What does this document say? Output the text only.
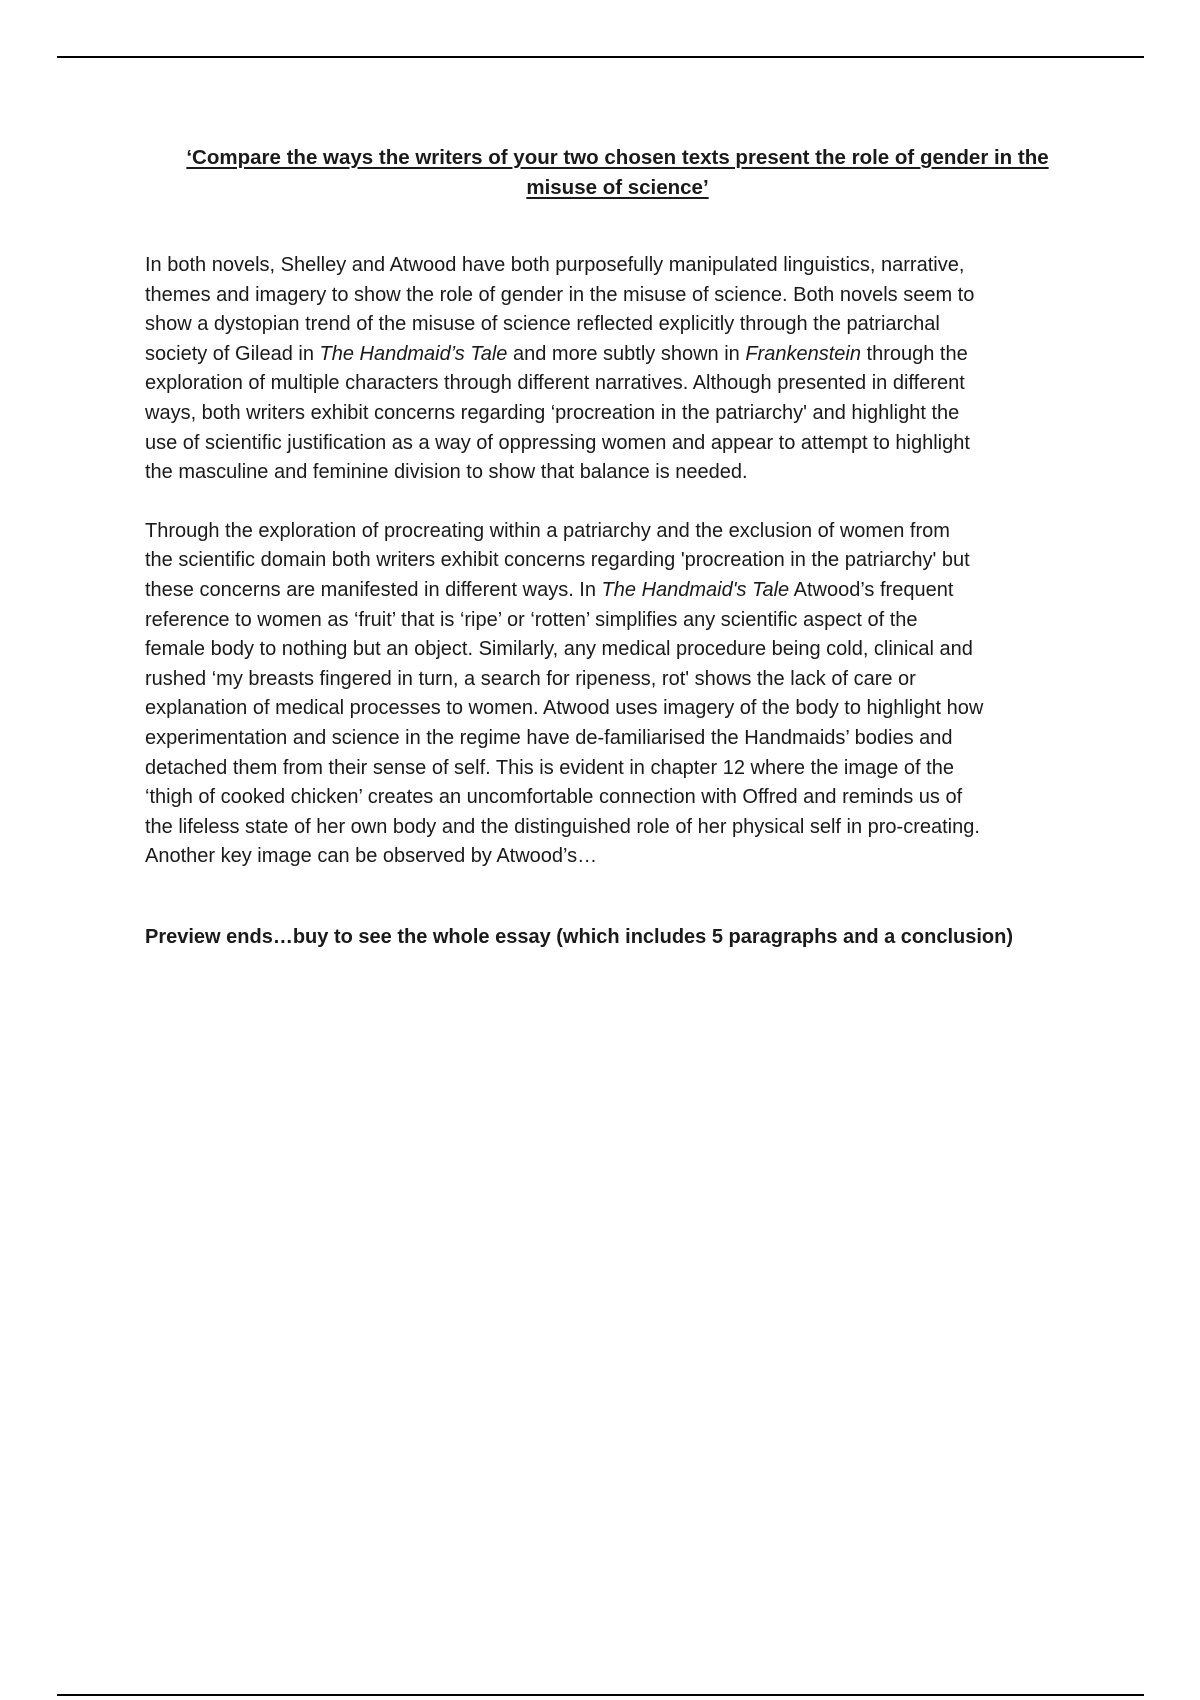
‘Compare the ways the writers of your two chosen texts present the role of gender in the misuse of science’
In both novels, Shelley and Atwood have both purposefully manipulated linguistics, narrative,
themes and imagery to show the role of gender in the misuse of science. Both novels seem to
show a dystopian trend of the misuse of science reflected explicitly through the patriarchal
society of Gilead in The Handmaid’s Tale and more subtly shown in Frankenstein through the
exploration of multiple characters through different narratives. Although presented in different
ways, both writers exhibit concerns regarding ‘procreation in the patriarchy' and highlight the
use of scientific justification as a way of oppressing women and appear to attempt to highlight
the masculine and feminine division to show that balance is needed.
Through the exploration of procreating within a patriarchy and the exclusion of women from
the scientific domain both writers exhibit concerns regarding 'procreation in the patriarchy' but
these concerns are manifested in different ways. In The Handmaid's Tale Atwood’s frequent
reference to women as ‘fruit’ that is ‘ripe’ or ‘rotten’ simplifies any scientific aspect of the
female body to nothing but an object. Similarly, any medical procedure being cold, clinical and
rushed ‘my breasts fingered in turn, a search for ripeness, rot' shows the lack of care or
explanation of medical processes to women. Atwood uses imagery of the body to highlight how
experimentation and science in the regime have de-familiarised the Handmaids’ bodies and
detached them from their sense of self. This is evident in chapter 12 where the image of the
‘thigh of cooked chicken’ creates an uncomfortable connection with Offred and reminds us of
the lifeless state of her own body and the distinguished role of her physical self in pro-creating.
Another key image can be observed by Atwood’s…
Preview ends…buy to see the whole essay (which includes 5 paragraphs and a conclusion)
